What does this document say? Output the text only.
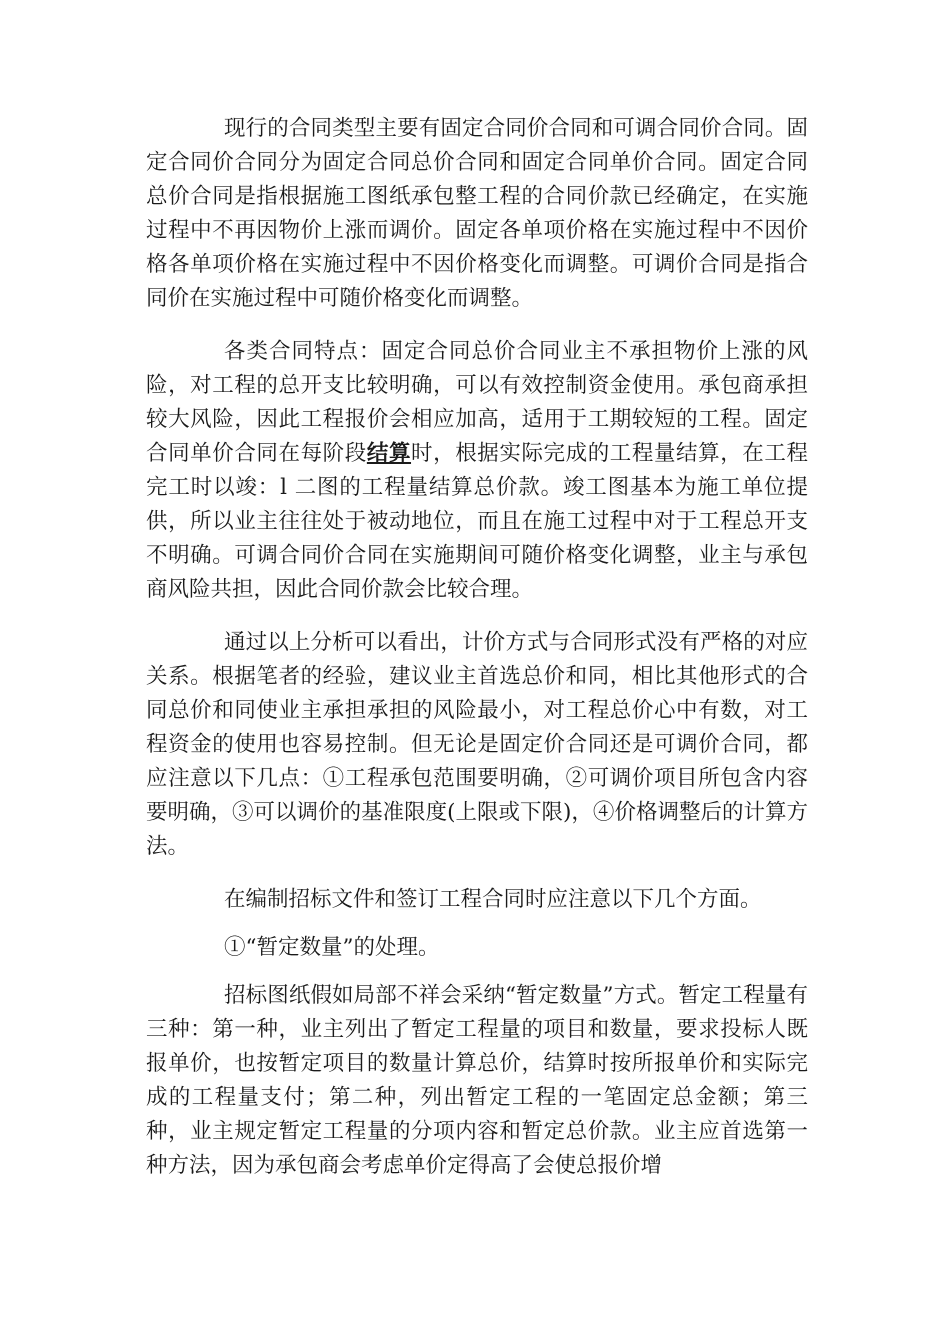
现行的合同类型主要有固定合同价合同和可调合同价合同。固定合同价合同分为固定合同总价合同和固定合同单价合同。固定合同总价合同是指根据施工图纸承包整工程的合同价款已经确定，在实施过程中不再因物价上涨而调价。固定各单项价格在实施过程中不因价格各单项价格在实施过程中不因价格变化而调整。可调价合同是指合同价在实施过程中可随价格变化而调整。

各类合同特点：固定合同总价合同业主不承担物价上涨的风险，对工程的总开支比较明确，可以有效控制资金使用。承包商承担较大风险，因此工程报价会相应加高，适用于工期较短的工程。固定合同单价合同在每阶段结算时，根据实际完成的工程量结算，在工程完工时以竣：l 二图的工程量结算总价款。竣工图基本为施工单位提供，所以业主往往处于被动地位，而且在施工过程中对于工程总开支不明确。可调合同价合同在实施期间可随价格变化调整，业主与承包商风险共担，因此合同价款会比较合理。

通过以上分析可以看出，计价方式与合同形式没有严格的对应关系。根据笔者的经验，建议业主首选总价和同，相比其他形式的合同总价和同使业主承担承担的风险最小，对工程总价心中有数，对工程资金的使用也容易控制。但无论是固定价合同还是可调价合同，都应注意以下几点：①工程承包范围要明确，②可调价项目所包含内容要明确，③可以调价的基准限度(上限或下限)，④价格调整后的计算方法。

在编制招标文件和签订工程合同时应注意以下几个方面。

①“暂定数量”的处理。

招标图纸假如局部不祥会采纳“暂定数量”方式。暂定工程量有三种：第一种，业主列出了暂定工程量的项目和数量，要求投标人既报单价，也按暂定项目的数量计算总价，结算时按所报单价和实际完成的工程量支付；第二种，列出暂定工程的一笔固定总金额；第三种，业主规定暂定工程量的分项内容和暂定总价款。业主应首选第一种方法，因为承包商会考虑单价定得高了会使总报价增
